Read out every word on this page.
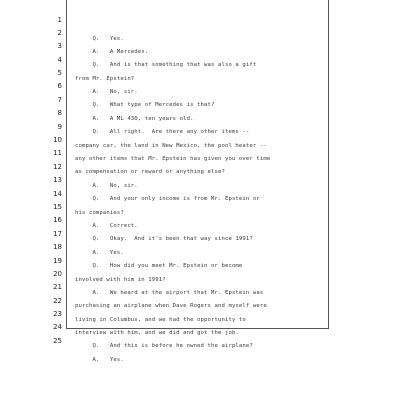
1

Q.   Yes.

2

A.   A Mercedes.

3

Q.   And is that something that was also a gift

4

from Mr. Epstein?

5

A.   No, sir.

6

Q.   What type of Mercedes is that?

7

A.   A ML 430, ten years old.

8

Q.   All right.  Are there any other items --

9

company car, the land in New Mexico, the pool heater --

10

any other items that Mr. Epstein has given you over time

11

as compensation or reward or anything else?

12

A.   No, sir.

13

Q.   And your only income is from Mr. Epstein or

14

his companies?

15

A.   Correct.

16

Q.   Okay.  And it's been that way since 1991?

17

A.   Yes.

18

Q.   How did you meet Mr. Epstein or become

19

involved with him in 1991?

20

A.   We heard at the airport that Mr. Epstein was

21

purchasing an airplane when Dave Rogers and myself were

22

living in Columbus, and we had the opportunity to

23

interview with him, and we did and got the job.

24

Q.   And this is before he owned the airplane?

25

A.   Yes.
